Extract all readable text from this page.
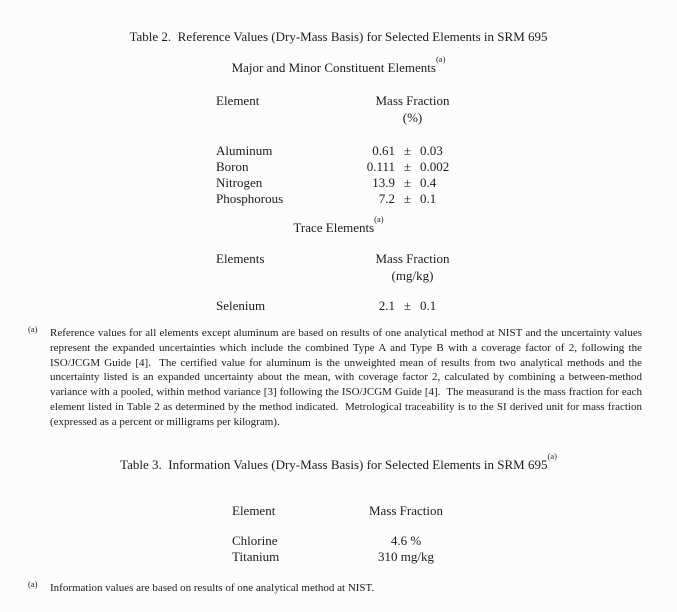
Table 2.  Reference Values (Dry-Mass Basis) for Selected Elements in SRM 695
Major and Minor Constituent Elements$^{(a)}$
Element	Mass Fraction		
	(%)		

Aluminum	0.61	±	0.03
Boron	0.111	±	0.002
Nitrogen	13.9	±	0.4
Phosphorous	7.2	±	0.1
Trace Elements$^{(a)}$
Elements	Mass Fraction		
	(mg/kg)		

Selenium	2.1	±	0.1
(a) Reference values for all elements except aluminum are based on results of one analytical method at NIST and the uncertainty values represent the expanded uncertainties which include the combined Type A and Type B with a coverage factor of 2, following the ISO/JCGM Guide [4].  The certified value for aluminum is the unweighted mean of results from two analytical methods and the uncertainty listed is an expanded uncertainty about the mean, with coverage factor 2, calculated by combining a between-method variance with a pooled, within method variance [3] following the ISO/JCGM Guide [4].  The measurand is the mass fraction for each element listed in Table 2 as determined by the method indicated.  Metrological traceability is to the SI derived unit for mass fraction (expressed as a percent or milligrams per kilogram).
Table 3.  Information Values (Dry-Mass Basis) for Selected Elements in SRM 695$^{(a)}$
Element	Mass Fraction

Chlorine	4.6 %
Titanium	310 mg/kg
(a) Information values are based on results of one analytical method at NIST.
